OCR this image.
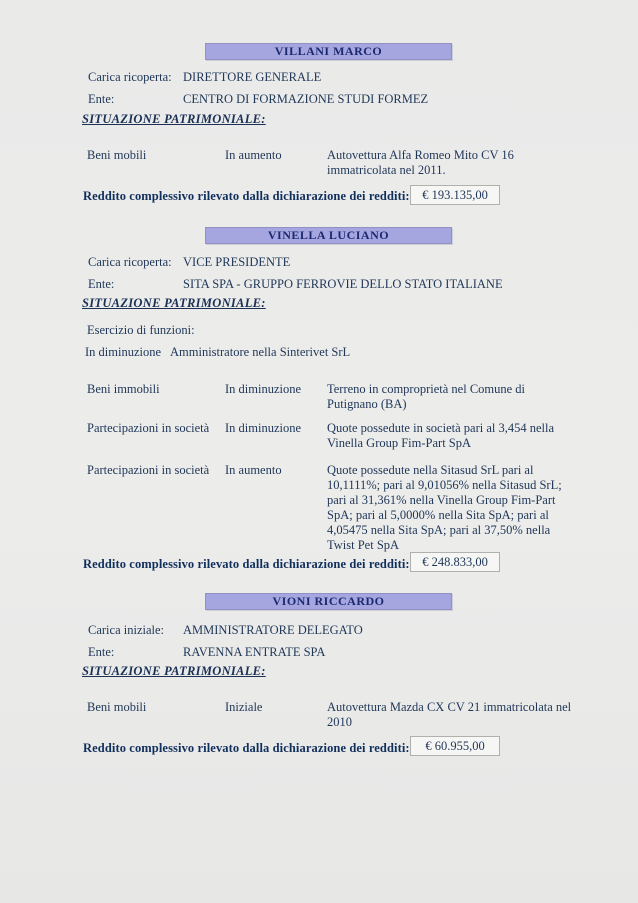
VILLANI MARCO
Carica ricoperta: DIRETTORE GENERALE
Ente:	CENTRO DI FORMAZIONE STUDI FORMEZ
SITUAZIONE PATRIMONIALE:
Beni mobili	In aumento	Autovettura Alfa Romeo Mito CV 16
immatricolata nel 2011.
Reddito complessivo rilevato dalla dichiarazione dei redditi:	€ 193.135,00
VINELLA LUCIANO
Carica ricoperta: VICE PRESIDENTE
Ente:	SITA SPA - GRUPPO FERROVIE DELLO STATO ITALIANE
SITUAZIONE PATRIMONIALE:
Esercizio di funzioni:
In diminuzione Amministratore nella Sinterivet SrL
Beni immobili	In diminuzione	Terreno in comproprietà nel Comune di
Putignano (BA)
Partecipazioni in società	In diminuzione	Quote possedute in società pari al 3,454 nella
Vinella Group Fim-Part SpA
Partecipazioni in società	In aumento	Quote possedute nella Sitasud SrL pari al
10,1111%; pari al 9,01056% nella Sitasud SrL;
pari al 31,361% nella Vinella Group Fim-Part
SpA; pari al 5,0000% nella Sita SpA; pari al
4,05475 nella Sita SpA; pari al 37,50% nella
Twist Pet SpA
Reddito complessivo rilevato dalla dichiarazione dei redditi:	€ 248.833,00
VIONI RICCARDO
Carica iniziale: AMMINISTRATORE DELEGATO
Ente:	RAVENNA ENTRATE SPA
SITUAZIONE PATRIMONIALE:
Beni mobili	Iniziale	Autovettura Mazda CX CV 21 immatricolata nel
2010
Reddito complessivo rilevato dalla dichiarazione dei redditi:	€ 60.955,00
